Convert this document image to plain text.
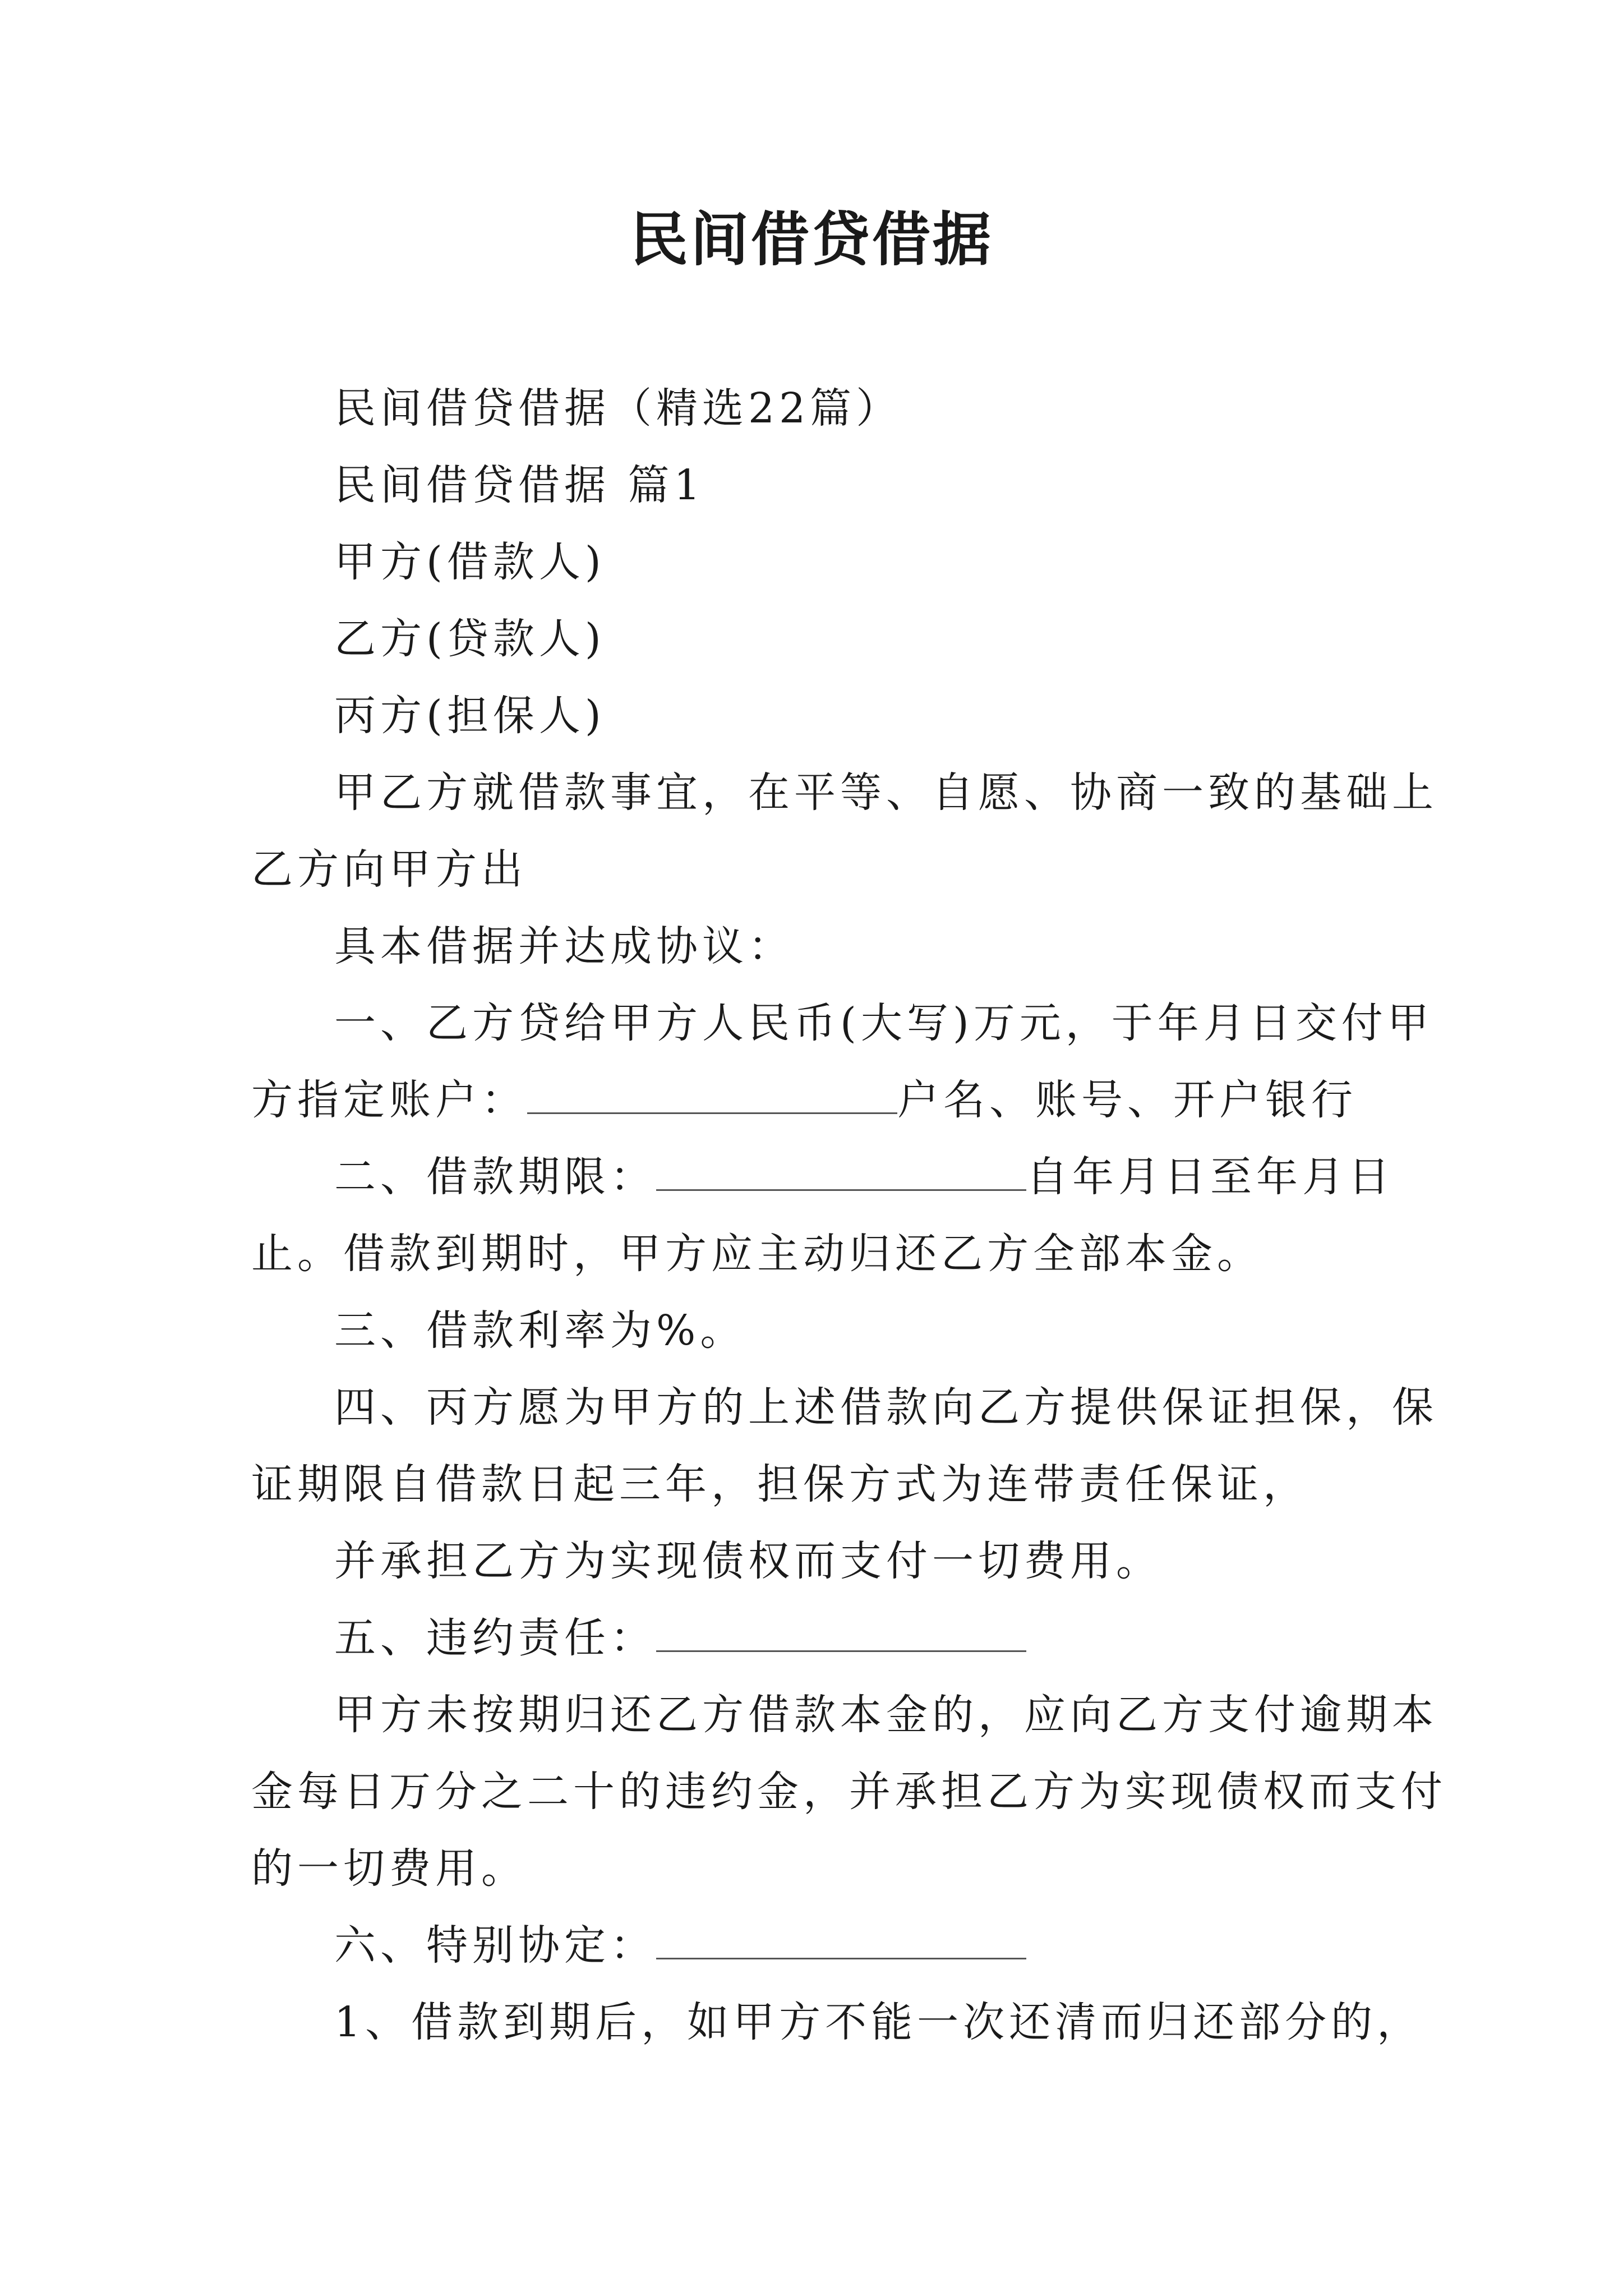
民间借贷借据

民间借贷借据（精选22篇）

民间借贷借据 篇1

甲方(借款人)

乙方(贷款人)

丙方(担保人)

甲乙方就借款事宜，在平等、自愿、协商一致的基础上

乙方向甲方出

具本借据并达成协议：

一、乙方贷给甲方人民币(大写)万元，于年月日交付甲

方指定账户：	户名、账号、开户银行

二、借款期限：	自年月日至年月日

止。借款到期时，甲方应主动归还乙方全部本金。

三、借款利率为%。

四、丙方愿为甲方的上述借款向乙方提供保证担保，保

证期限自借款日起三年，担保方式为连带责任保证，

并承担乙方为实现债权而支付一切费用。

五、违约责任：

甲方未按期归还乙方借款本金的，应向乙方支付逾期本

金每日万分之二十的违约金，并承担乙方为实现债权而支付

的一切费用。

六、特别协定：

1、借款到期后，如甲方不能一次还清而归还部分的，
